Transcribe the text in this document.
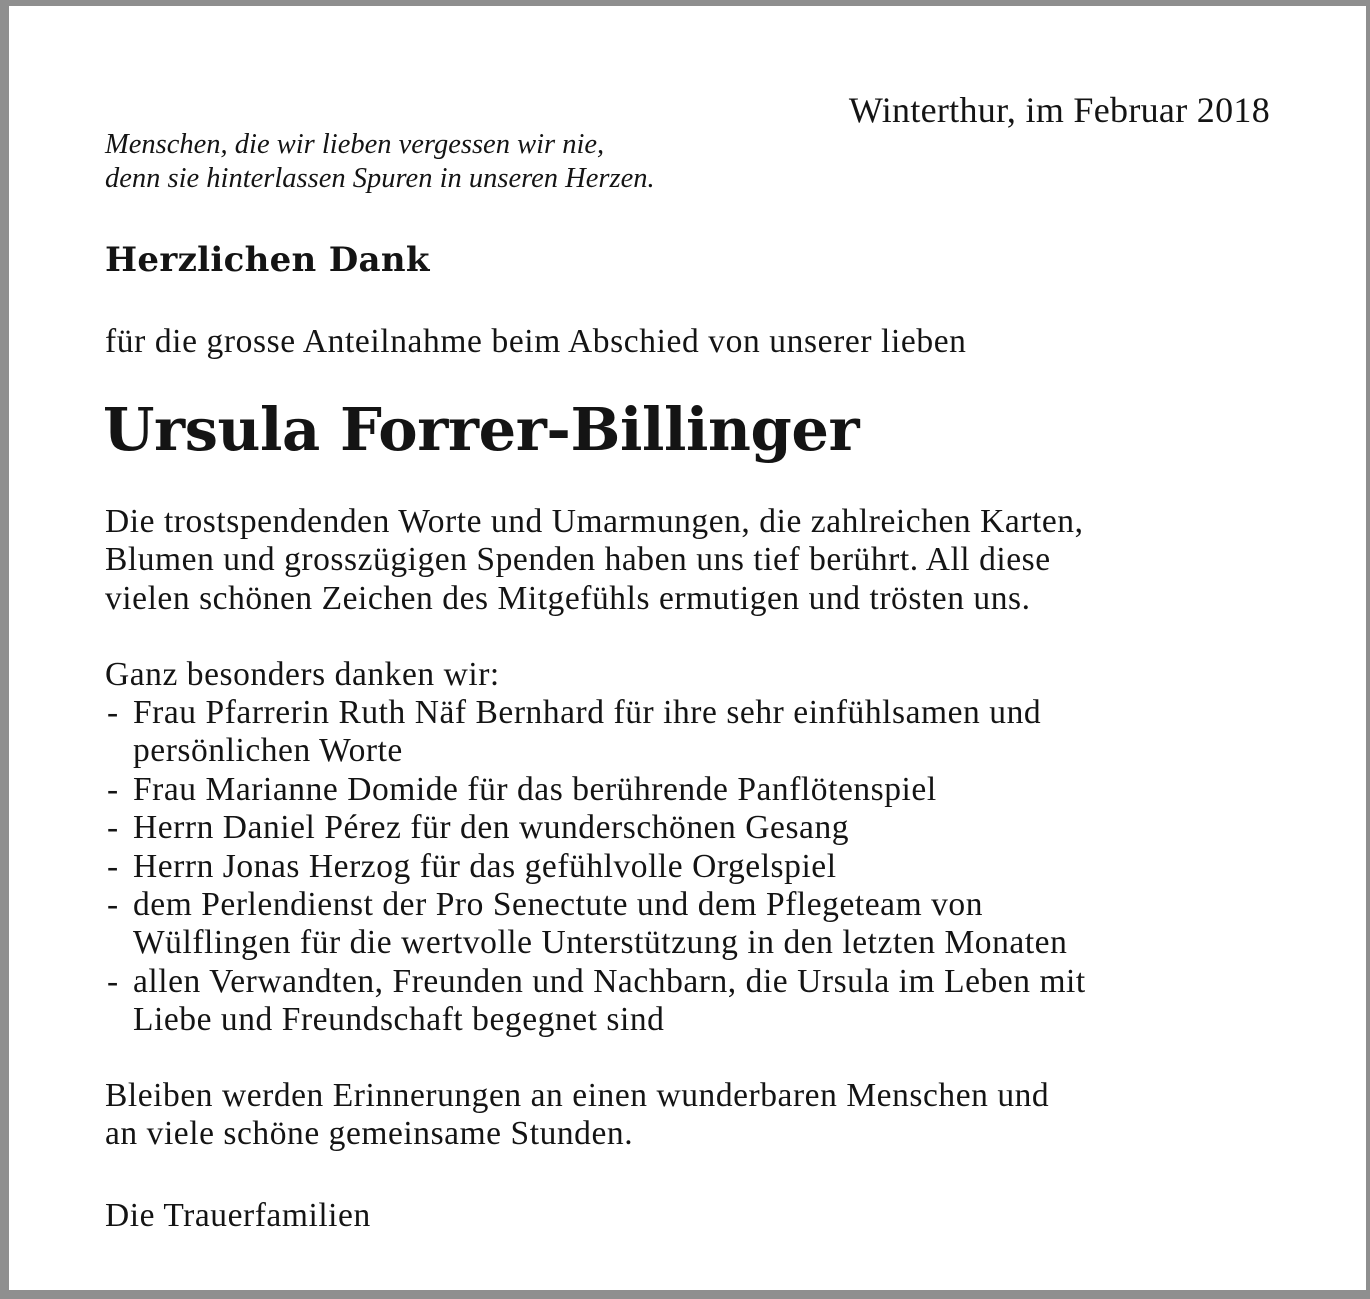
Winterthur, im Februar 2018
Menschen, die wir lieben vergessen wir nie,
denn sie hinterlassen Spuren in unseren Herzen.
Herzlichen Dank
für die grosse Anteilnahme beim Abschied von unserer lieben
Ursula Forrer-Billinger
Die trostspendenden Worte und Umarmungen, die zahlreichen Karten,
Blumen und grosszügigen Spenden haben uns tief berührt. All diese
vielen schönen Zeichen des Mitgefühls ermutigen und trösten uns.
Ganz besonders danken wir:
- Frau Pfarrerin Ruth Näf Bernhard für ihre sehr einfühlsamen und
persönlichen Worte
- Frau Marianne Domide für das berührende Panflötenspiel
- Herrn Daniel Pérez für den wunderschönen Gesang
- Herrn Jonas Herzog für das gefühlvolle Orgelspiel
- dem Perlendienst der Pro Senectute und dem Pflegeteam von
Wülflingen für die wertvolle Unterstützung in den letzten Monaten
- allen Verwandten, Freunden und Nachbarn, die Ursula im Leben mit
Liebe und Freundschaft begegnet sind
Bleiben werden Erinnerungen an einen wunderbaren Menschen und
an viele schöne gemeinsame Stunden.
Die Trauerfamilien
